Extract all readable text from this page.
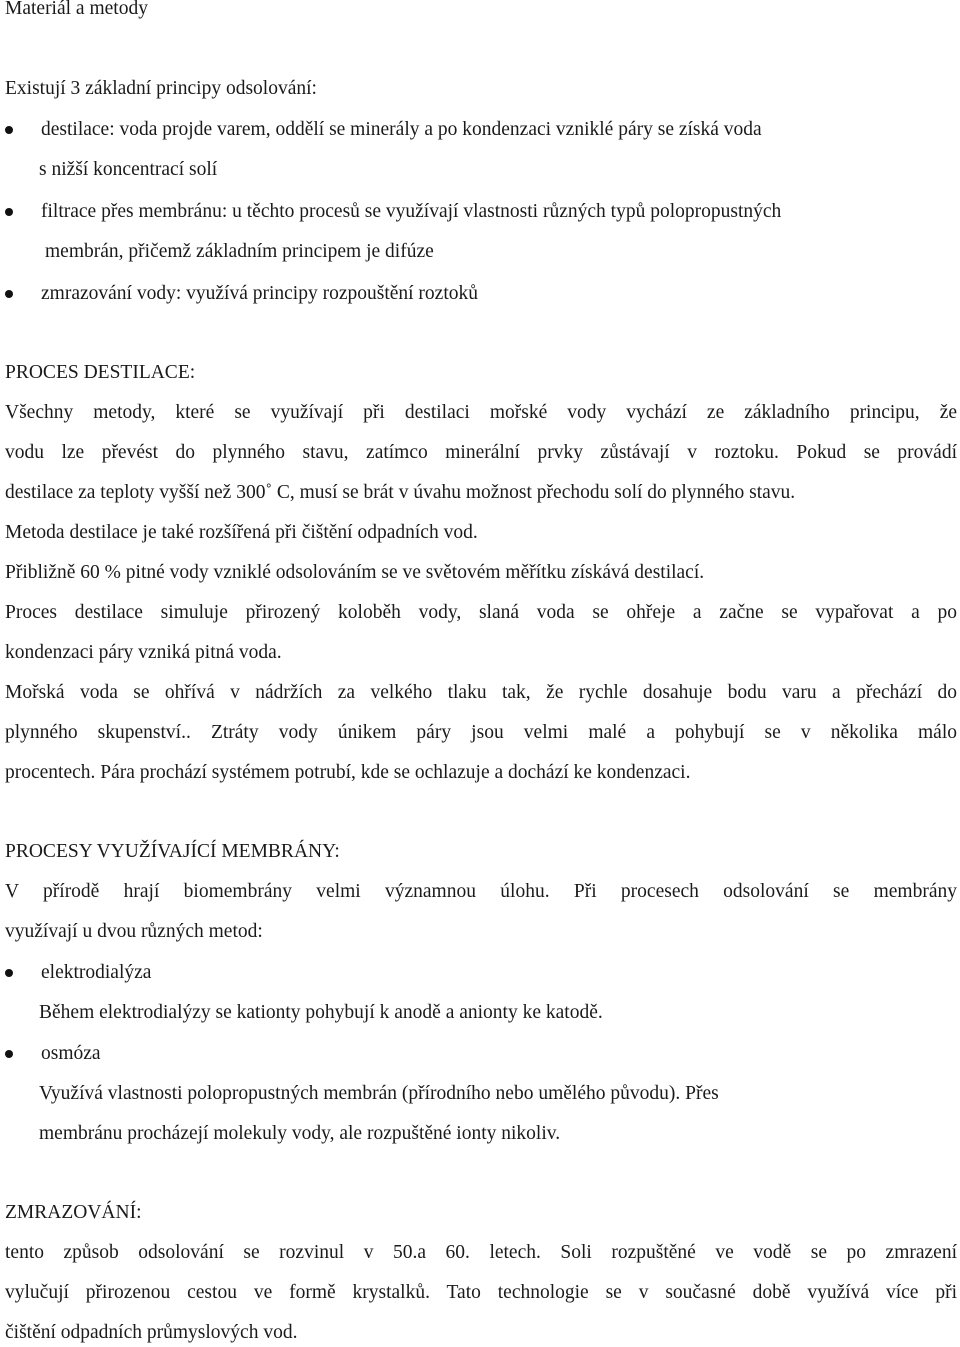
Materiál a metody
Existují 3 základní principy odsolování:
destilace: voda projde varem, oddělí se minerály a po kondenzaci vzniklé páry se získá voda
s nižší koncentrací solí
filtrace přes membránu: u těchto procesů se využívají vlastnosti různých typů polopropustných
membrán, přičemž základním principem je difúze
zmrazování vody: využívá principy rozpouštění roztoků
PROCES DESTILACE:
Všechny metody, které se využívají při destilaci mořské vody vychází ze základního principu, že
vodu lze převést do plynného stavu, zatímco minerální prvky zůstávají v roztoku. Pokud se provádí
destilace za teploty vyšší než 300˚ C, musí se brát v úvahu možnost přechodu solí do plynného stavu.
Metoda destilace je také rozšířená při čištění odpadních vod.
Přibližně 60 % pitné vody vzniklé odsolováním se ve světovém měřítku získává destilací.
Proces destilace simuluje přirozený koloběh vody, slaná voda se ohřeje a začne se vypařovat a po
kondenzaci páry vzniká pitná voda.
Mořská voda se ohřívá v nádržích za velkého tlaku tak, že rychle dosahuje bodu varu a přechází do
plynného skupenství.. Ztráty vody únikem páry jsou velmi malé a pohybují se v několika málo
procentech. Pára prochází systémem potrubí, kde se ochlazuje a dochází ke kondenzaci.
PROCESY VYUŽÍVAJÍCÍ MEMBRÁNY:
V přírodě hrají biomembrány velmi významnou úlohu. Při procesech odsolování se membrány
využívají u dvou různých metod:
elektrodialýza
Během elektrodialýzy se kationty pohybují k anodě a anionty ke katodě.
osmóza
Využívá vlastnosti polopropustných membrán (přírodního nebo umělého původu). Přes
membránu procházejí molekuly vody, ale rozpuštěné ionty nikoliv.
ZMRAZOVÁNÍ:
tento způsob odsolování se rozvinul v 50.a 60. letech. Soli rozpuštěné ve vodě se po zmrazení
vylučují přirozenou cestou ve formě krystalků. Tato technologie se v současné době využívá více při
čištění odpadních průmyslových vod.
